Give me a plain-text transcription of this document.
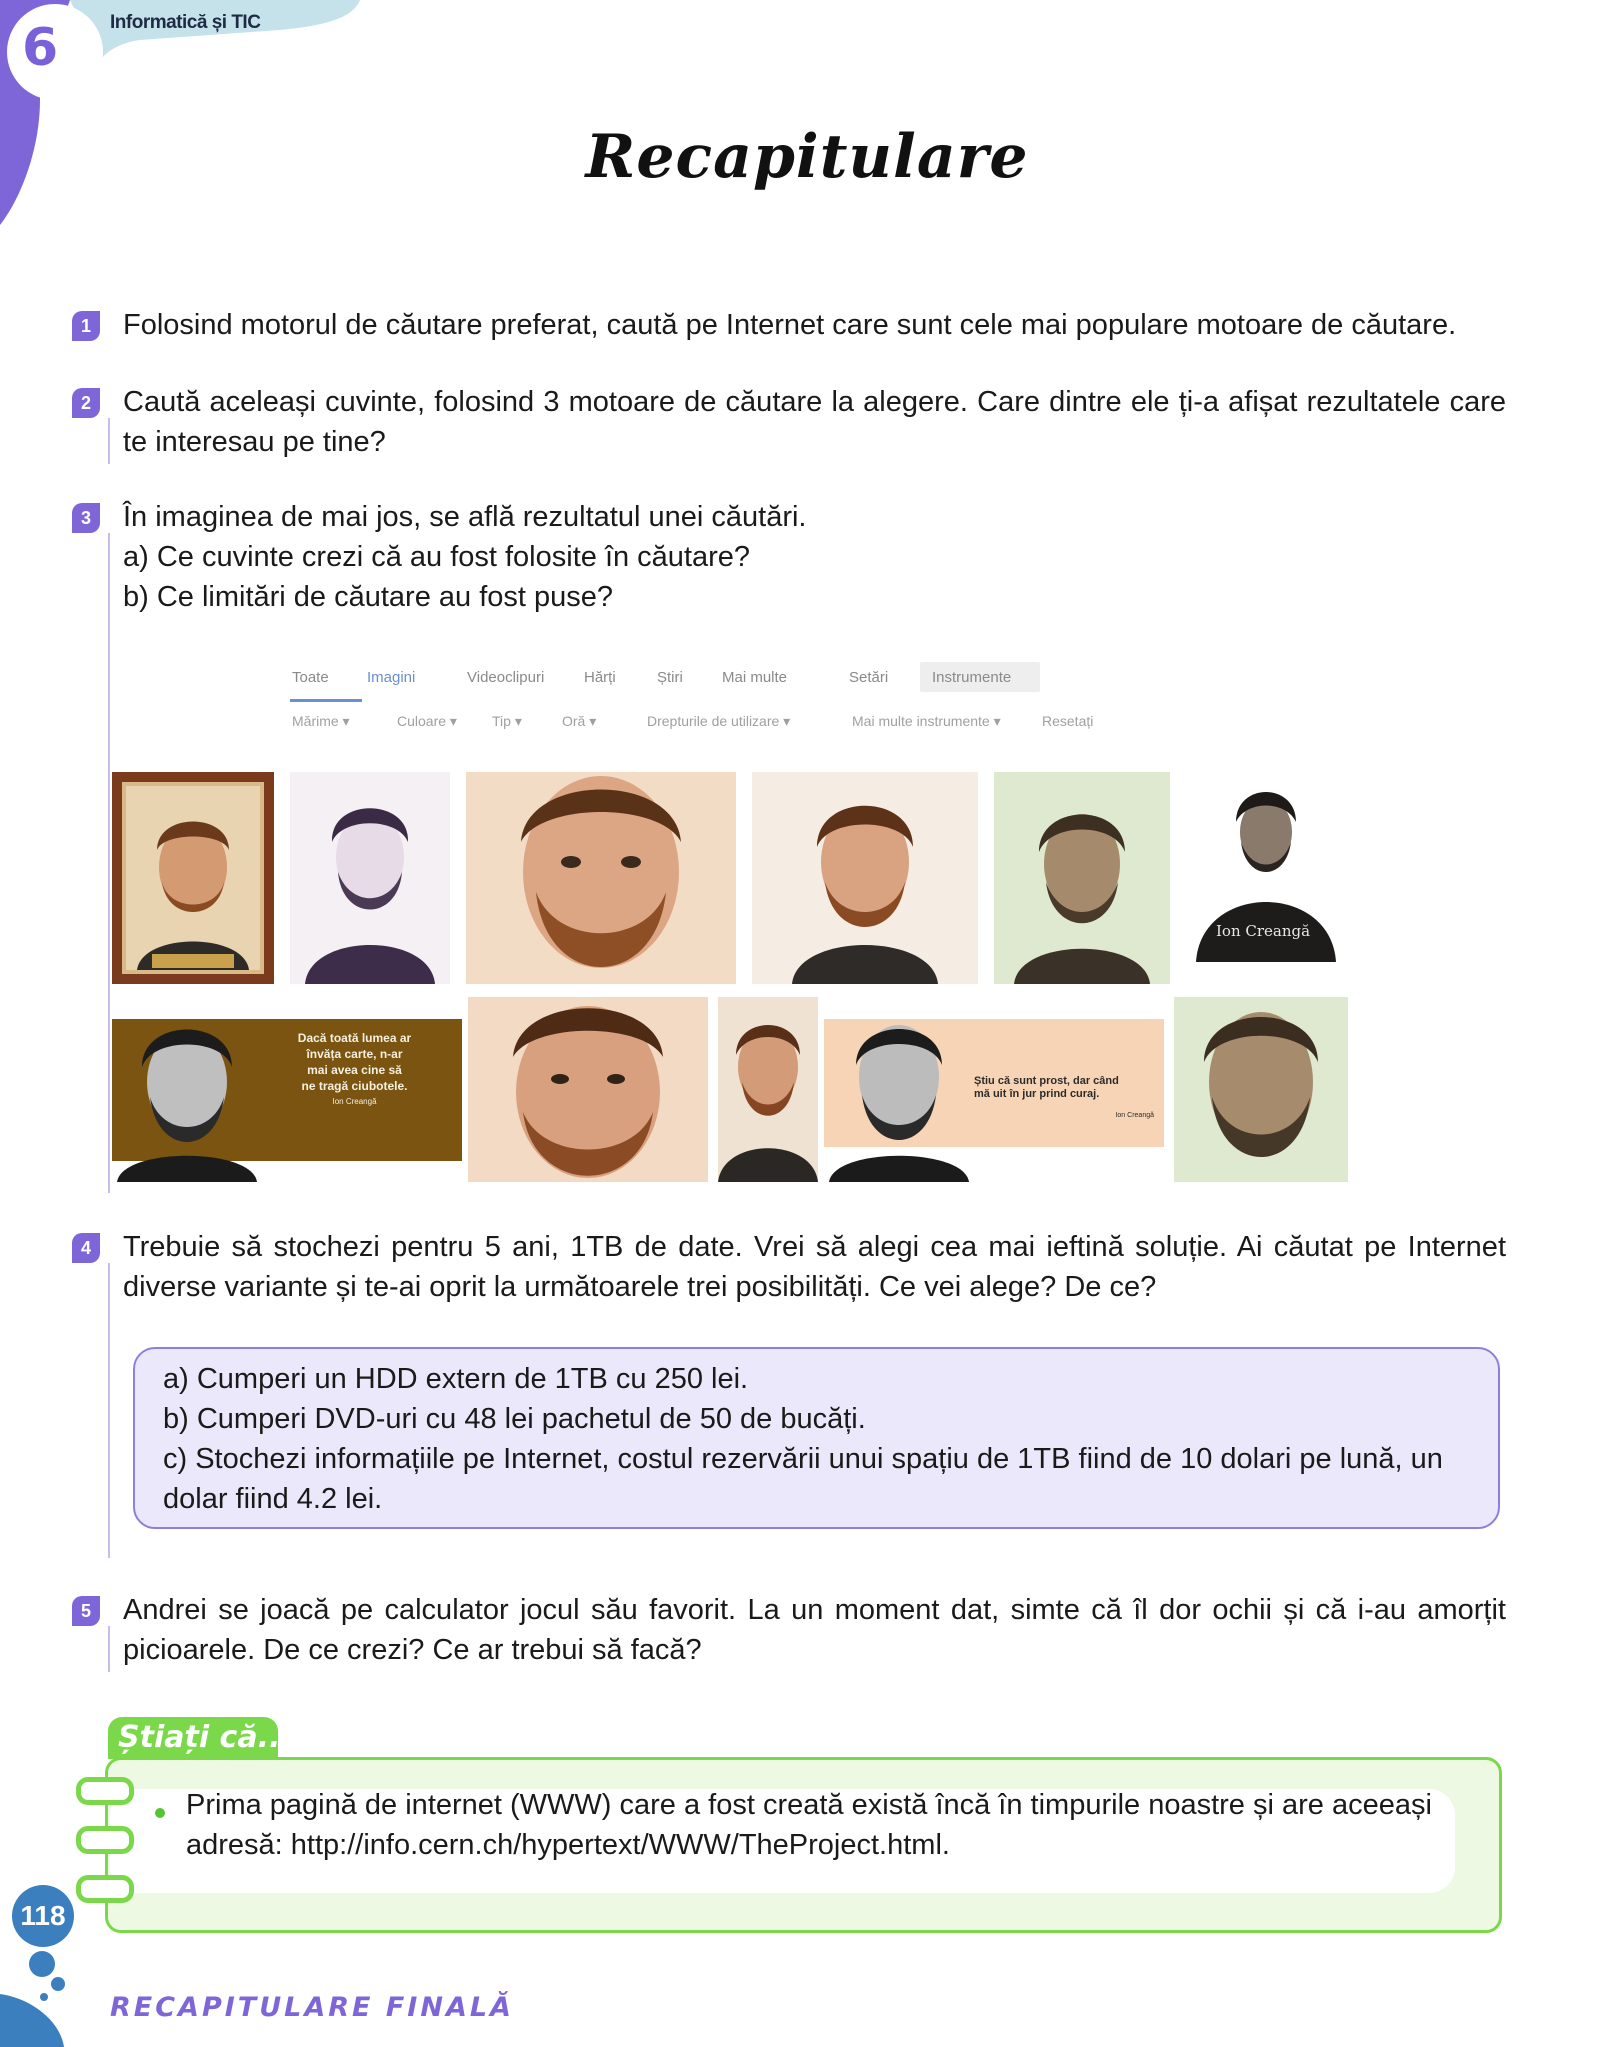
6	Informatică și TIC
Recapitulare
1	Folosind motorul de căutare preferat, caută pe Internet care sunt cele mai populare motoare de căutare.
2	Caută aceleași cuvinte, folosind 3 motoare de căutare la alegere. Care dintre ele ți-a afișat rezultatele care te interesau pe tine?
3	În imaginea de mai jos, se află rezultatul unei căutări.
a) Ce cuvinte crezi că au fost folosite în căutare?
b) Ce limitări de căutare au fost puse?
Toate	Imagini	Videoclipuri	Hărți	Știri	Mai multe	Setări	Instrumente
Mărime ▾	Culoare ▾	Tip ▾	Oră ▾	Drepturile de utilizare ▾	Mai multe instrumente ▾	Resetați
Ion Creangă
Dacă toată lumea ar
învăța carte, n-ar
mai avea cine să
ne tragă ciubotele.
Ion Creangă
Știu că sunt prost, dar când
mă uit în jur prind curaj.
Ion Creangă
4	Trebuie să stochezi pentru 5 ani, 1TB de date. Vrei să alegi cea mai ieftină soluție. Ai căutat pe Internet diverse variante și te-ai oprit la următoarele trei posibilități. Ce vei alege? De ce?
a) Cumperi un HDD extern de 1TB cu 250 lei.
b) Cumperi DVD-uri cu 48 lei pachetul de 50 de bucăți.
c) Stochezi informațiile pe Internet, costul rezervării unui spațiu de 1TB fiind de 10 dolari pe lună, un dolar fiind 4.2 lei.
5	Andrei se joacă pe calculator jocul său favorit. La un moment dat, simte că îl dor ochii și că i-au amorțit picioarele. De ce crezi? Ce ar trebui să facă?
Știați că...?
Prima pagină de internet (WWW) care a fost creată există încă în timpurile noastre și are aceeași adresă: http://info.cern.ch/hypertext/WWW/TheProject.html.
118
RECAPITULARE FINALĂ
